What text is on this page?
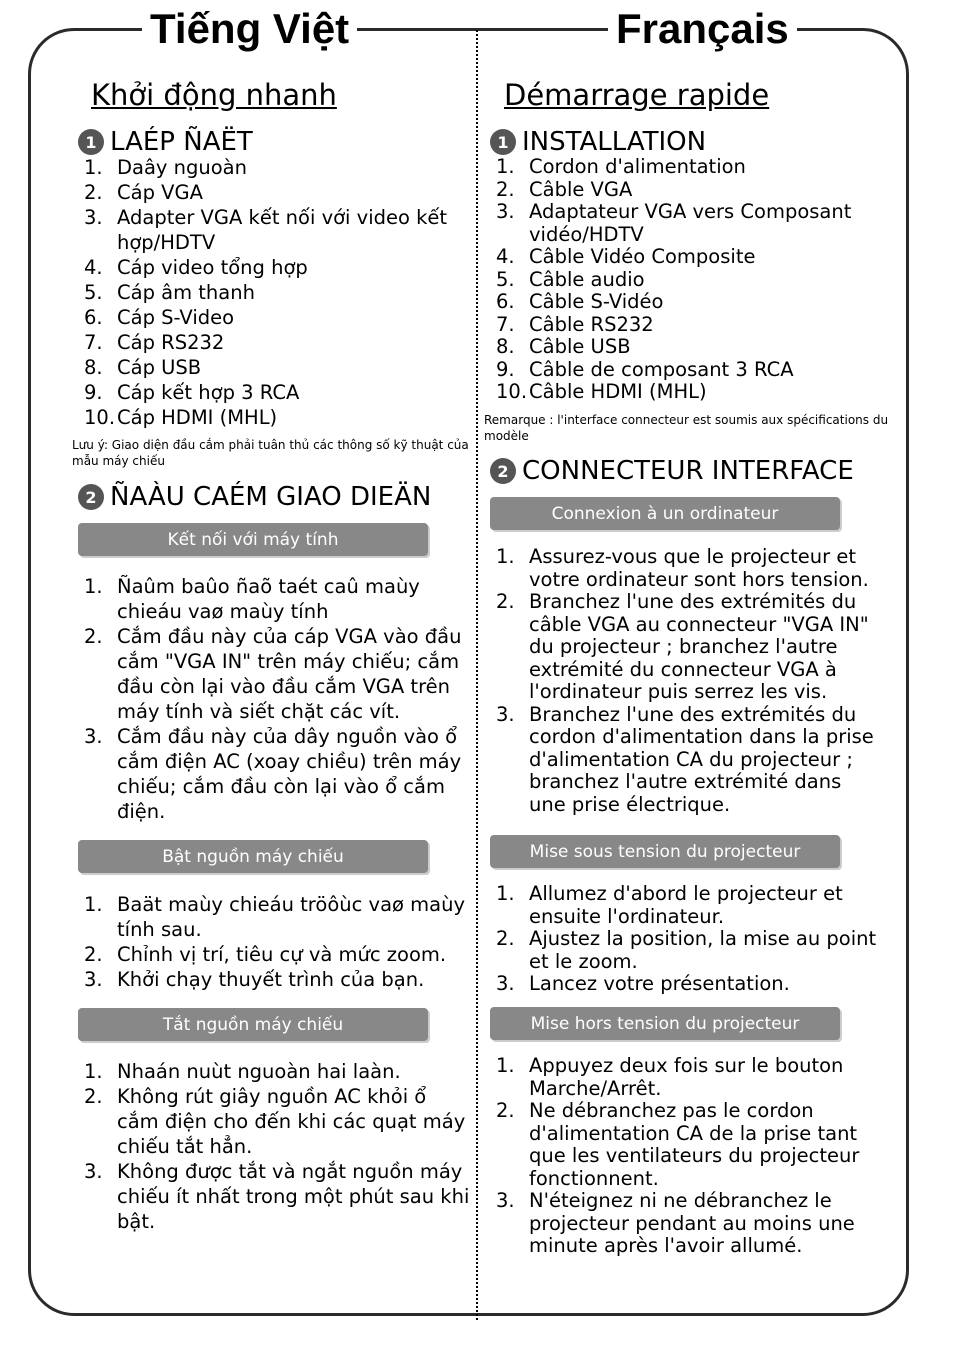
Tiếng Việt	Français
Khởi động nhanh
1 LAÉP ÑAËT
1. Daây nguoàn
2. Cáp VGA
3. Adapter VGA kết nối với video kết hợp/HDTV
4. Cáp video tổng hợp
5. Cáp âm thanh
6. Cáp S-Video
7. Cáp RS232
8. Cáp USB
9. Cáp kết hợp 3 RCA
10. Cáp HDMI (MHL)
Lưu ý: Giao diện đầu cắm phải tuân thủ các thông số kỹ thuật của mẫu máy chiếu
2 ÑAÀU CAÉM GIAO DIEÄN
Kết nối với máy tính
1. Ñaûm baûo ñaõ taét caû maùy chieáu vaø maùy tính
2. Cắm đầu này của cáp VGA vào đầu cắm "VGA IN" trên máy chiếu; cắm đầu còn lại vào đầu cắm VGA trên máy tính và siết chặt các vít.
3. Cắm đầu này của dây nguồn vào ổ cắm điện AC (xoay chiều) trên máy chiếu; cắm đầu còn lại vào ổ cắm điện.
Bật nguồn máy chiếu
1. Baät maùy chieáu tröôùc vaø maùy tính sau.
2. Chỉnh vị trí, tiêu cự và mức zoom.
3. Khởi chạy thuyết trình của bạn.
Tắt nguồn máy chiếu
1. Nhaán nuùt nguoàn hai laàn.
2. Không rút giây nguồn AC khỏi ổ cắm điện cho đến khi các quạt máy chiếu tắt hẳn.
3. Không được tắt và ngắt nguồn máy chiếu ít nhất trong một phút sau khi bật.
Démarrage rapide
1 INSTALLATION
1. Cordon d'alimentation
2. Câble VGA
3. Adaptateur VGA vers Composant vidéo/HDTV
4. Câble Vidéo Composite
5. Câble audio
6. Câble S-Vidéo
7. Câble RS232
8. Câble USB
9. Câble de composant 3 RCA
10. Câble HDMI (MHL)
Remarque : l'interface connecteur est soumis aux spécifications du modèle
2 CONNECTEUR INTERFACE
Connexion à un ordinateur
1. Assurez-vous que le projecteur et votre ordinateur sont hors tension.
2. Branchez l'une des extrémités du câble VGA au connecteur "VGA IN" du projecteur ; branchez l'autre extrémité du connecteur VGA à l'ordinateur puis serrez les vis.
3. Branchez l'une des extrémités du cordon d'alimentation dans la prise d'alimentation CA du projecteur ; branchez l'autre extrémité dans une prise électrique.
Mise sous tension du projecteur
1. Allumez d'abord le projecteur et ensuite l'ordinateur.
2. Ajustez la position, la mise au point et le zoom.
3. Lancez votre présentation.
Mise hors tension du projecteur
1. Appuyez deux fois sur le bouton Marche/Arrêt.
2. Ne débranchez pas le cordon d'alimentation CA de la prise tant que les ventilateurs du projecteur fonctionnent.
3. N'éteignez ni ne débranchez le projecteur pendant au moins une minute après l'avoir allumé.
